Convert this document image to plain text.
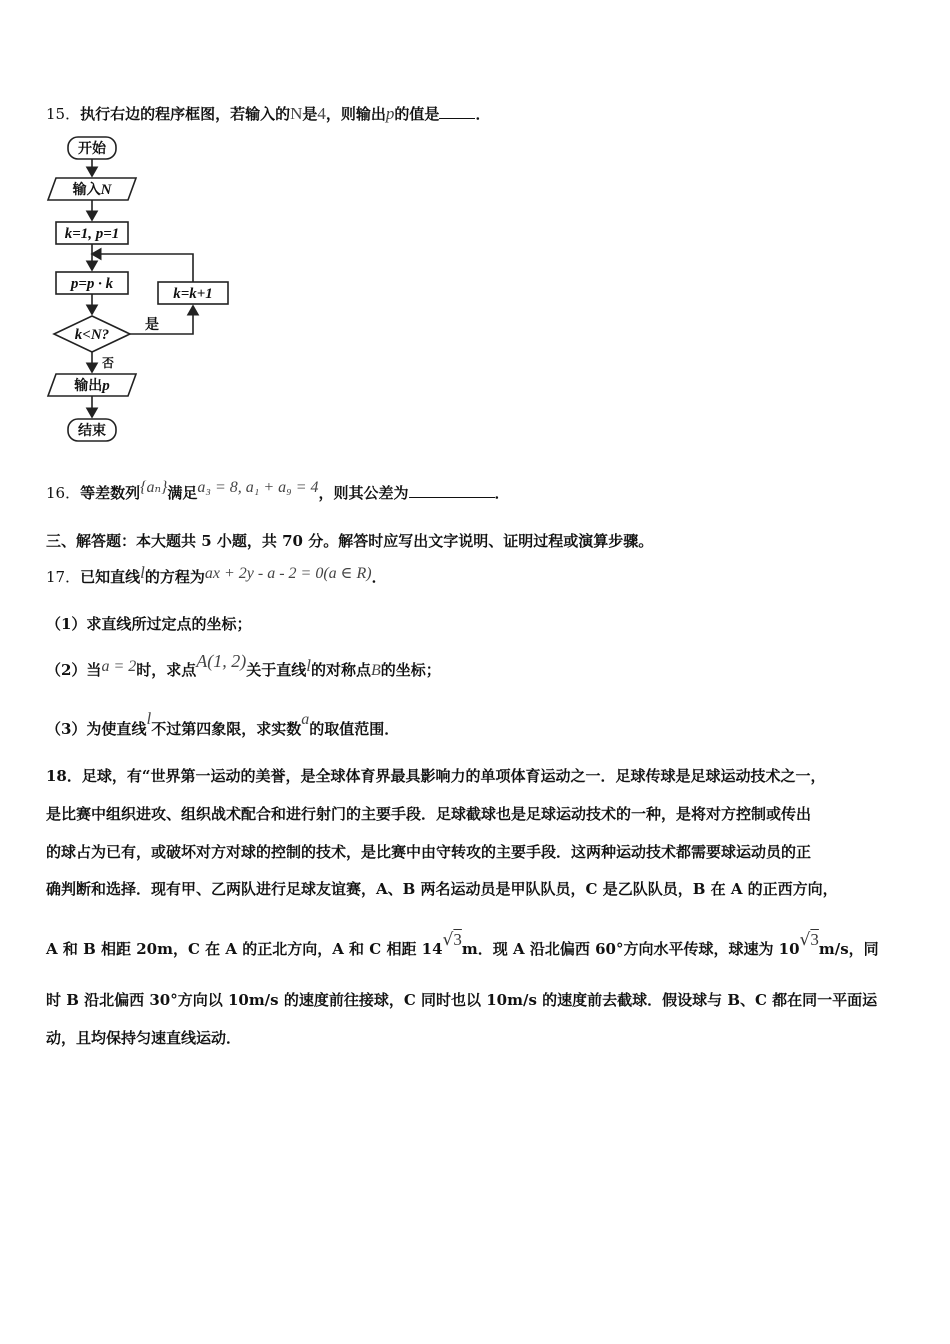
15．执行右边的程序框图，若输入的N是4，则输出p的值是 ．
开始
输入N
k=1, p=1
p=p · k
k=k+1
k<N?
是
否
输出p
结束
16．等差数列{aₙ}满足a₃ = 8, a₁ + a₉ = 4，则其公差为	．
三、解答题：本大题共 5 小题，共 70 分。解答时应写出文字说明、证明过程或演算步骤。
17．已知直线l的方程为ax + 2y - a - 2 = 0(a ∈ R)．
（1）求直线所过定点的坐标；
（2）当a = 2时，求点A(1, 2)关于直线l的对称点B的坐标；
（3）为使直线l不过第四象限，求实数a的取值范围．
18．足球，有“世界第一运动的美誉，是全球体育界最具影响力的单项体育运动之一．足球传球是足球运动技术之一，
是比赛中组织进攻、组织战术配合和进行射门的主要手段．足球截球也是足球运动技术的一种，是将对方控制或传出
的球占为已有，或破坏对方对球的控制的技术，是比赛中由守转攻的主要手段．这两种运动技术都需要球运动员的正
确判断和选择．现有甲、乙两队进行足球友谊赛，A、B 两名运动员是甲队队员，C 是乙队队员，B 在 A 的正西方向，
A 和 B 相距 20m，C 在 A 的正北方向，A 和 C 相距 14√3m．现 A 沿北偏西 60°方向水平传球，球速为 10√3m/s，同
时 B 沿北偏西 30°方向以 10m/s 的速度前往接球，C 同时也以 10m/s 的速度前去截球．假设球与 B、C 都在同一平面运
动，且均保持匀速直线运动．
